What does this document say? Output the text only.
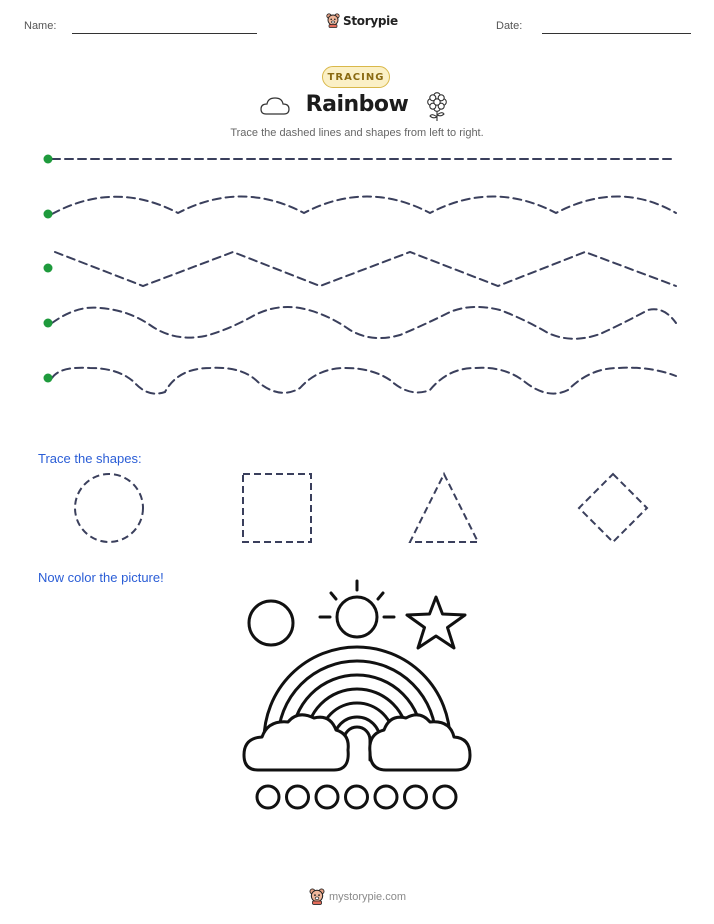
Name:	Storypie	Date:
TRACING
Rainbow
Trace the dashed lines and shapes from left to right.
Trace the shapes:
Now color the picture!
mystorypie.com
